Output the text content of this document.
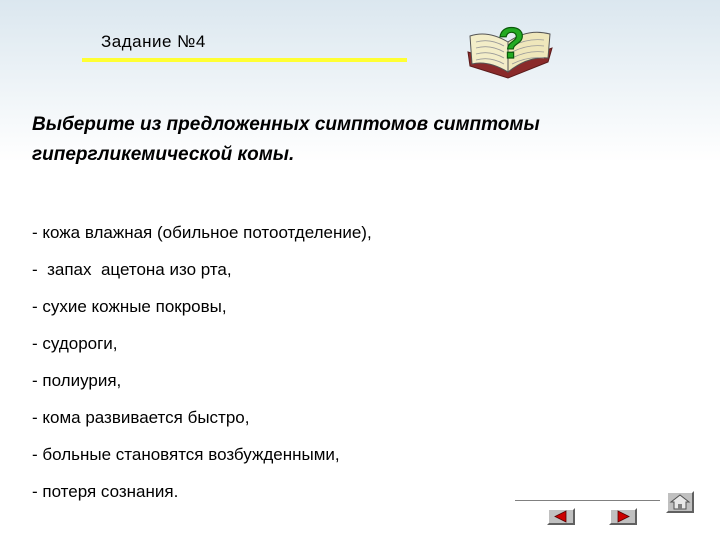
Задание №4	?
Выберите из предложенных симптомов симптомы гипергликемической комы.
- кожа влажная (обильное потоотделение),
-  запах  ацетона изо рта,
- сухие кожные покровы,
- судороги,
- полиурия,
- кома развивается быстро,
- больные становятся возбужденными,
- потеря сознания.
